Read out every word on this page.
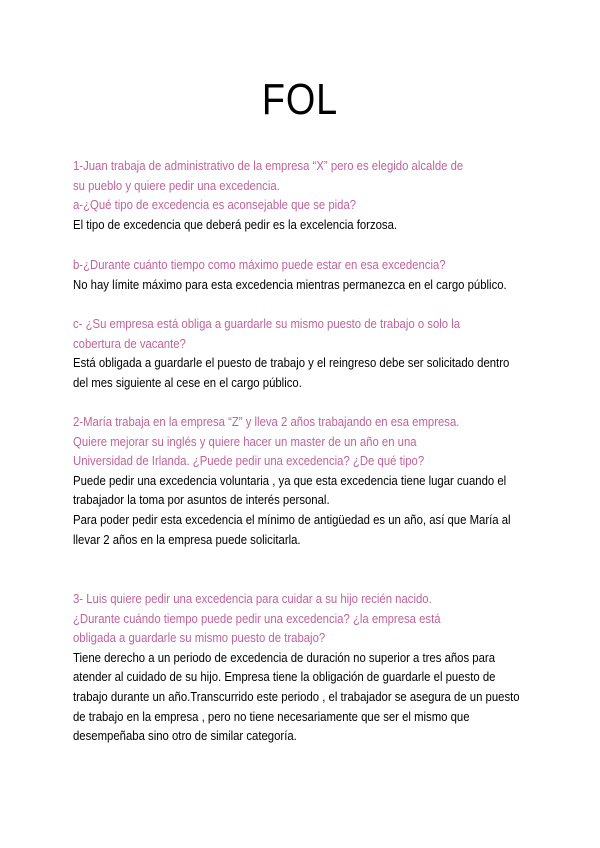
FOL
1-Juan trabaja de administrativo de la empresa “X” pero es elegido alcalde de
su pueblo y quiere pedir una excedencia.
a-¿Qué tipo de excedencia es aconsejable que se pida?
El tipo de excedencia que deberá pedir es la excelencia forzosa.
b-¿Durante cuánto tiempo como máximo puede estar en esa excedencia?
No hay límite máximo para esta excedencia mientras permanezca en el cargo público.
c- ¿Su empresa está obliga a guardarle su mismo puesto de trabajo o solo la
cobertura de vacante?
Está obligada a guardarle el puesto de trabajo y el reingreso debe ser solicitado dentro
del mes siguiente al cese en el cargo público.
2-María trabaja en la empresa “Z” y lleva 2 años trabajando en esa empresa.
Quiere mejorar su inglés y quiere hacer un master de un año en una
Universidad de Irlanda. ¿Puede pedir una excedencia? ¿De qué tipo?
Puede pedir una excedencia voluntaria , ya que esta excedencia tiene lugar cuando el
trabajador la toma por asuntos de interés personal.
Para poder pedir esta excedencia el mínimo de antigüedad es un año, así que María al
llevar 2 años en la empresa puede solicitarla.
3- Luis quiere pedir una excedencia para cuidar a su hijo recién nacido.
¿Durante cuándo tiempo puede pedir una excedencia? ¿la empresa está
obligada a guardarle su mismo puesto de trabajo?
Tiene derecho a un periodo de excedencia de duración no superior a tres años para
atender al cuidado de su hijo. Empresa tiene la obligación de guardarle el puesto de
trabajo durante un año.Transcurrido este periodo , el trabajador se asegura de un puesto
de trabajo en la empresa , pero no tiene necesariamente que ser el mismo que
desempeñaba sino otro de similar categoría.
